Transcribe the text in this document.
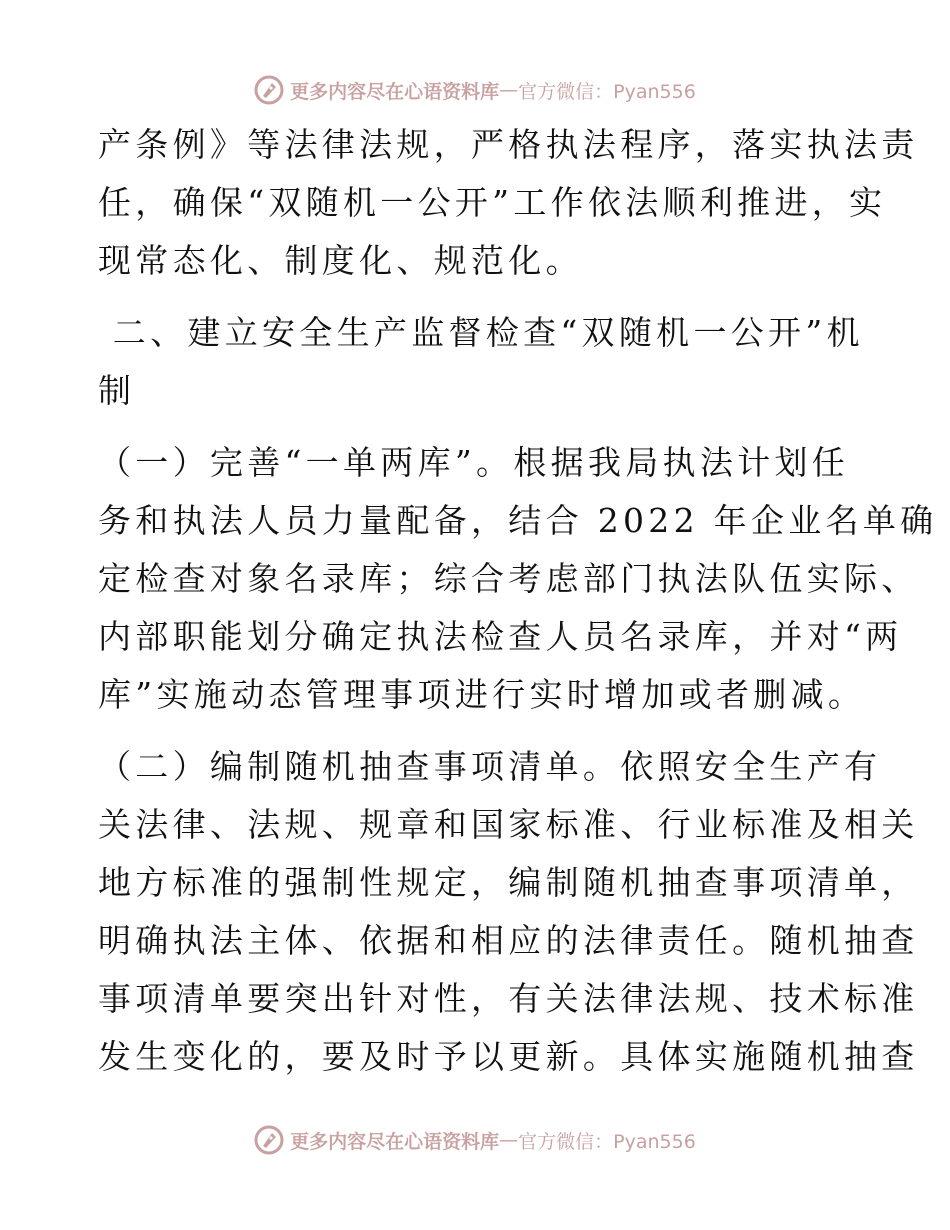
更多内容尽在心语资料库 — 官方微信：Pyan556
产条例》等法律法规，严格执法程序，落实执法责
任，确保“双随机一公开”工作依法顺利推进，实
现常态化、制度化、规范化。
二、建立安全生产监督检查“双随机一公开”机
制
（一）完善“一单两库”。根据我局执法计划任
务和执法人员力量配备，结合 2022 年企业名单确
定检查对象名录库；综合考虑部门执法队伍实际、
内部职能划分确定执法检查人员名录库，并对“两
库”实施动态管理事项进行实时增加或者删减。
（二）编制随机抽查事项清单。依照安全生产有
关法律、法规、规章和国家标准、行业标准及相关
地方标准的强制性规定，编制随机抽查事项清单，
明确执法主体、依据和相应的法律责任。随机抽查
事项清单要突出针对性，有关法律法规、技术标准
发生变化的，要及时予以更新。具体实施随机抽查
更多内容尽在心语资料库 — 官方微信：Pyan556
